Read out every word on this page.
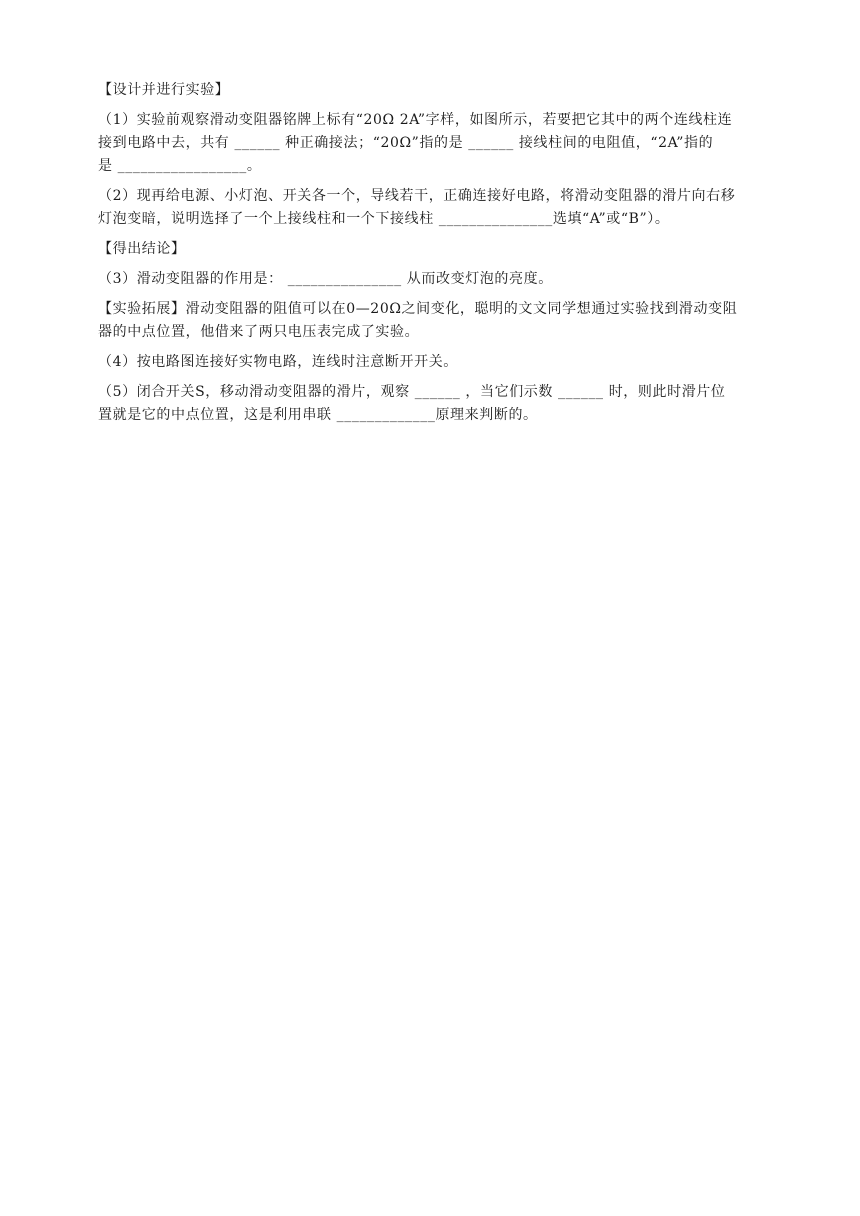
【设计并进行实验】
（1）实验前观察滑动变阻器铭牌上标有“20Ω 2A”字样，如图所示，若要把它其中的两个连线柱连
接到电路中去，共有 ______ 种正确接法；“20Ω”指的是 ______ 接线柱间的电阻值，“2A”指的
是 _________________。
（2）现再给电源、小灯泡、开关各一个，导线若干，正确连接好电路，将滑动变阻器的滑片向右移
灯泡变暗，说明选择了一个上接线柱和一个下接线柱 _______________选填“A”或“B”）。
【得出结论】
（3）滑动变阻器的作用是： _______________ 从而改变灯泡的亮度。
【实验拓展】滑动变阻器的阻值可以在0—20Ω之间变化，聪明的文文同学想通过实验找到滑动变阻
器的中点位置，他借来了两只电压表完成了实验。
（4）按电路图连接好实物电路，连线时注意断开开关。
（5）闭合开关S，移动滑动变阻器的滑片，观察 ______ ，当它们示数 ______ 时，则此时滑片位
置就是它的中点位置，这是利用串联 _____________原理来判断的。
